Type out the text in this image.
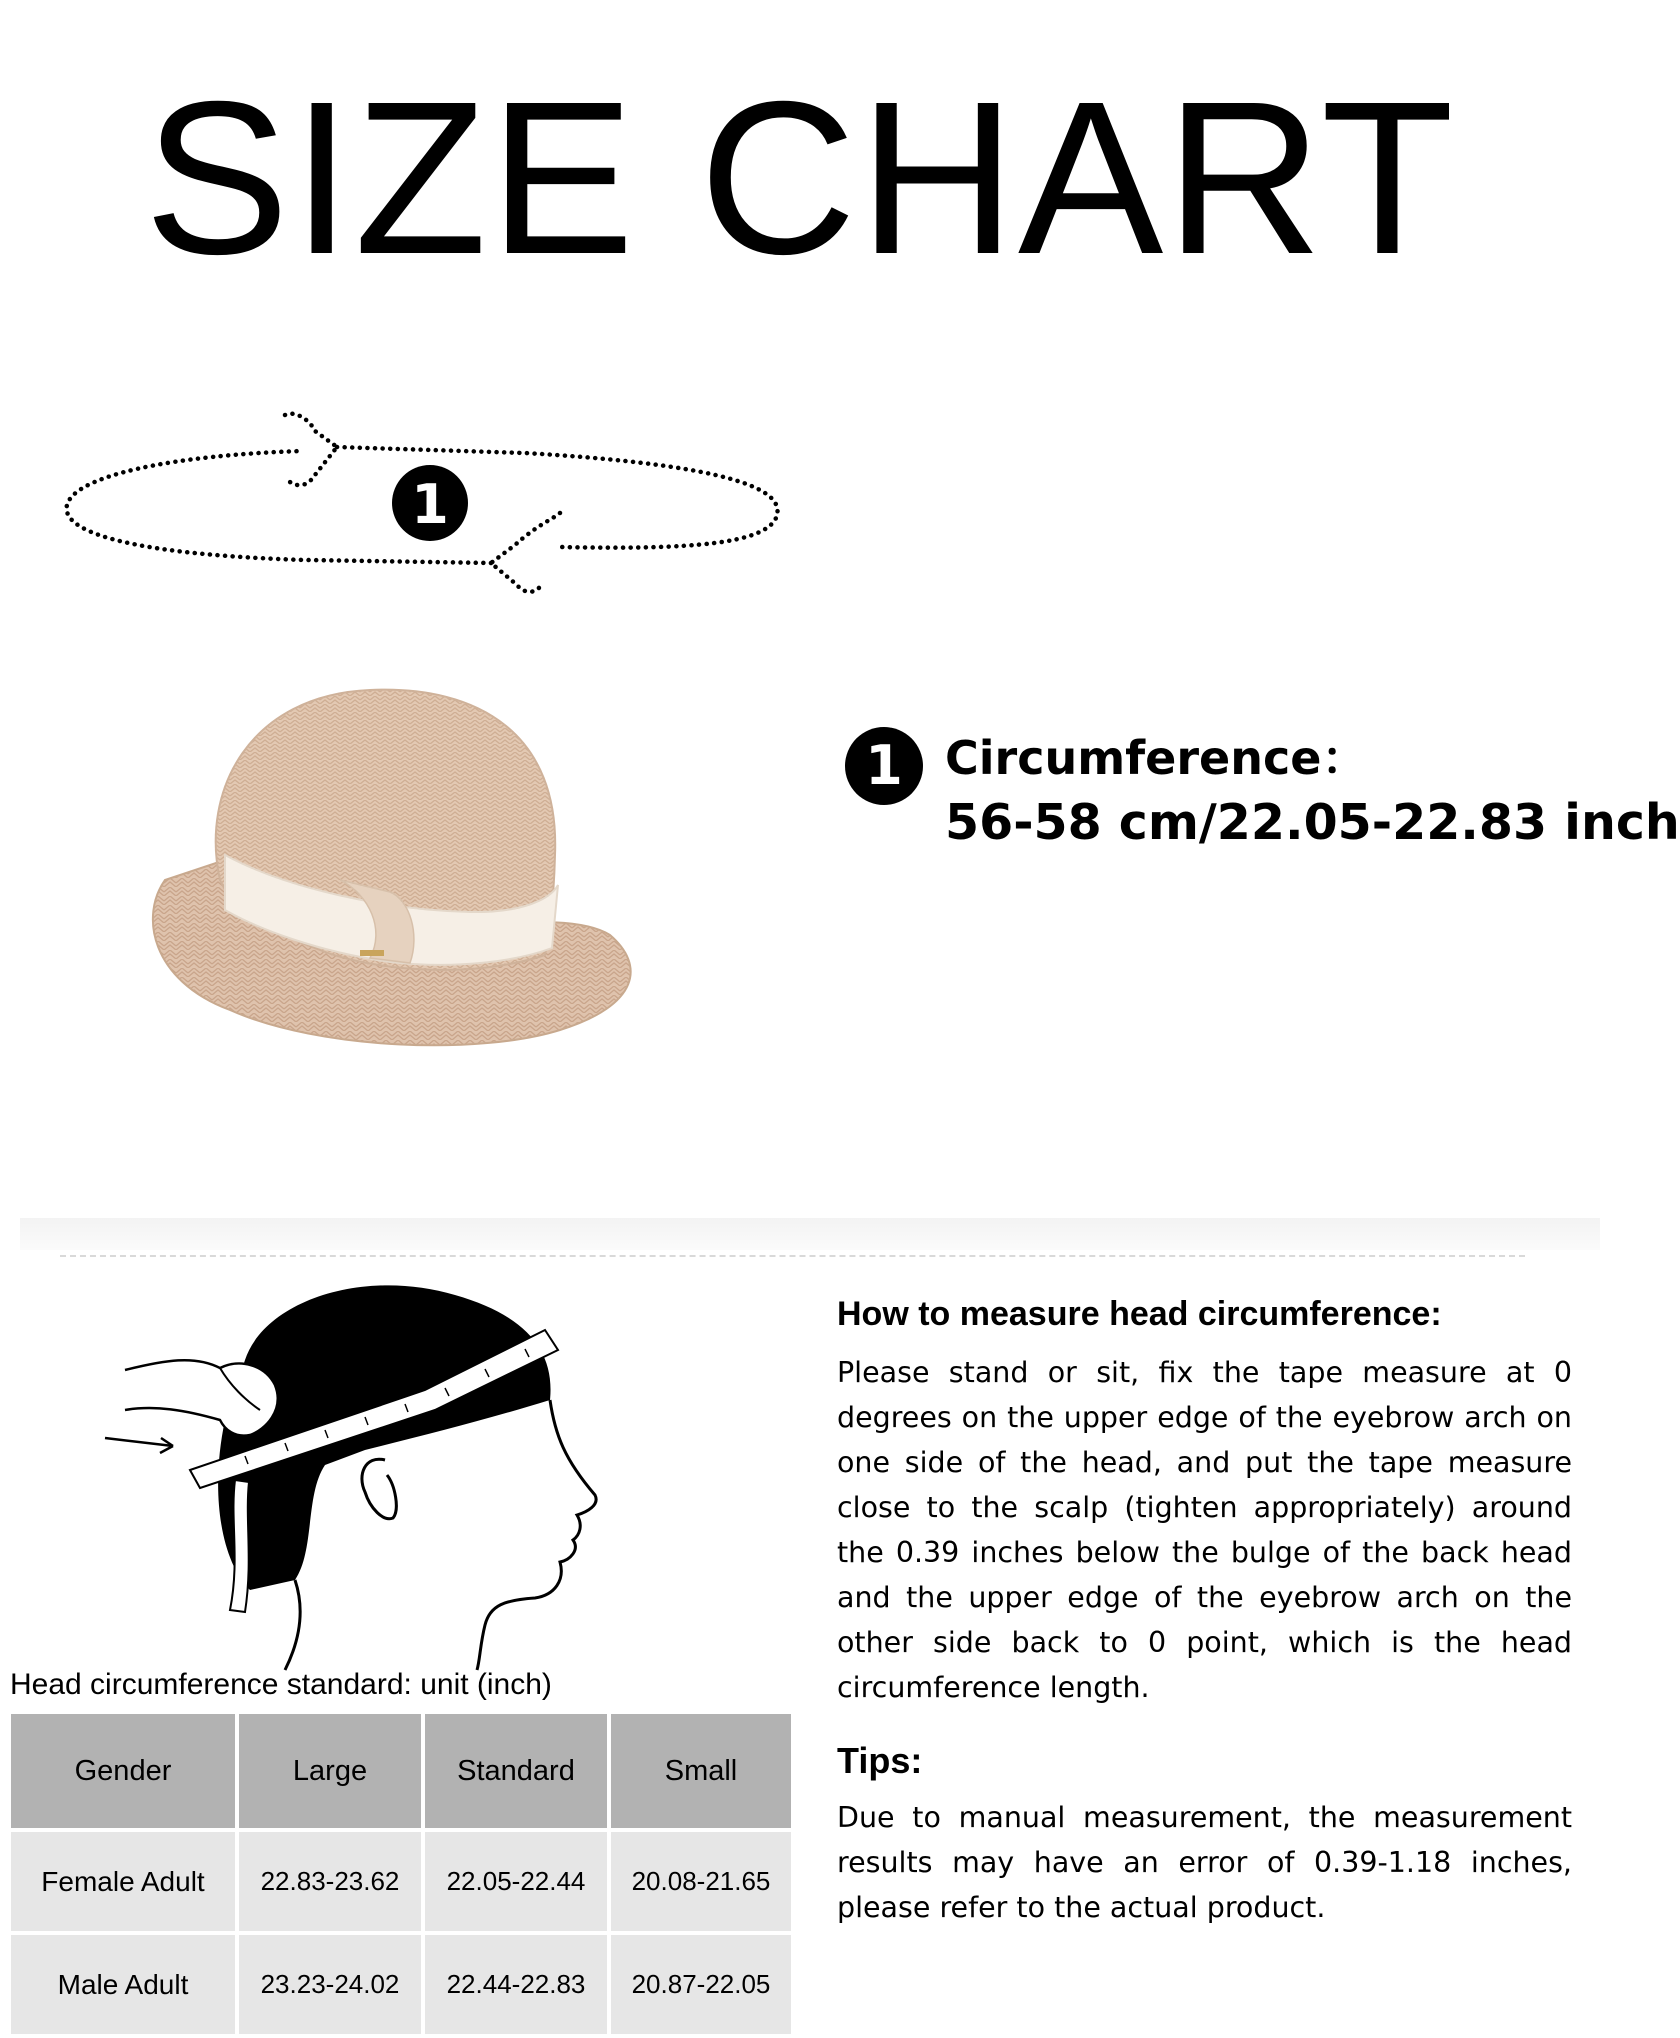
SIZE CHART
1
1 Circumference：
56-58 cm/22.05-22.83 inch
Head circumference standard: unit (inch)
Gender	Large	Standard	Small
Female Adult	22.83-23.62	22.05-22.44	20.08-21.65
Male Adult	23.23-24.02	22.44-22.83	20.87-22.05
How to measure head circumference:
Please stand or sit, fix the tape measure at 0 degrees on the upper edge of the eyebrow arch on one side of the head, and put the tape measure close to the scalp (tighten appropriately) around the 0.39 inches below the bulge of the back head and the upper edge of the eyebrow arch on the other side back to 0 point, which is the head circumference length.
Tips:
Due to manual measurement, the measurement results may have an error of 0.39-1.18 inches, please refer to the actual product.
